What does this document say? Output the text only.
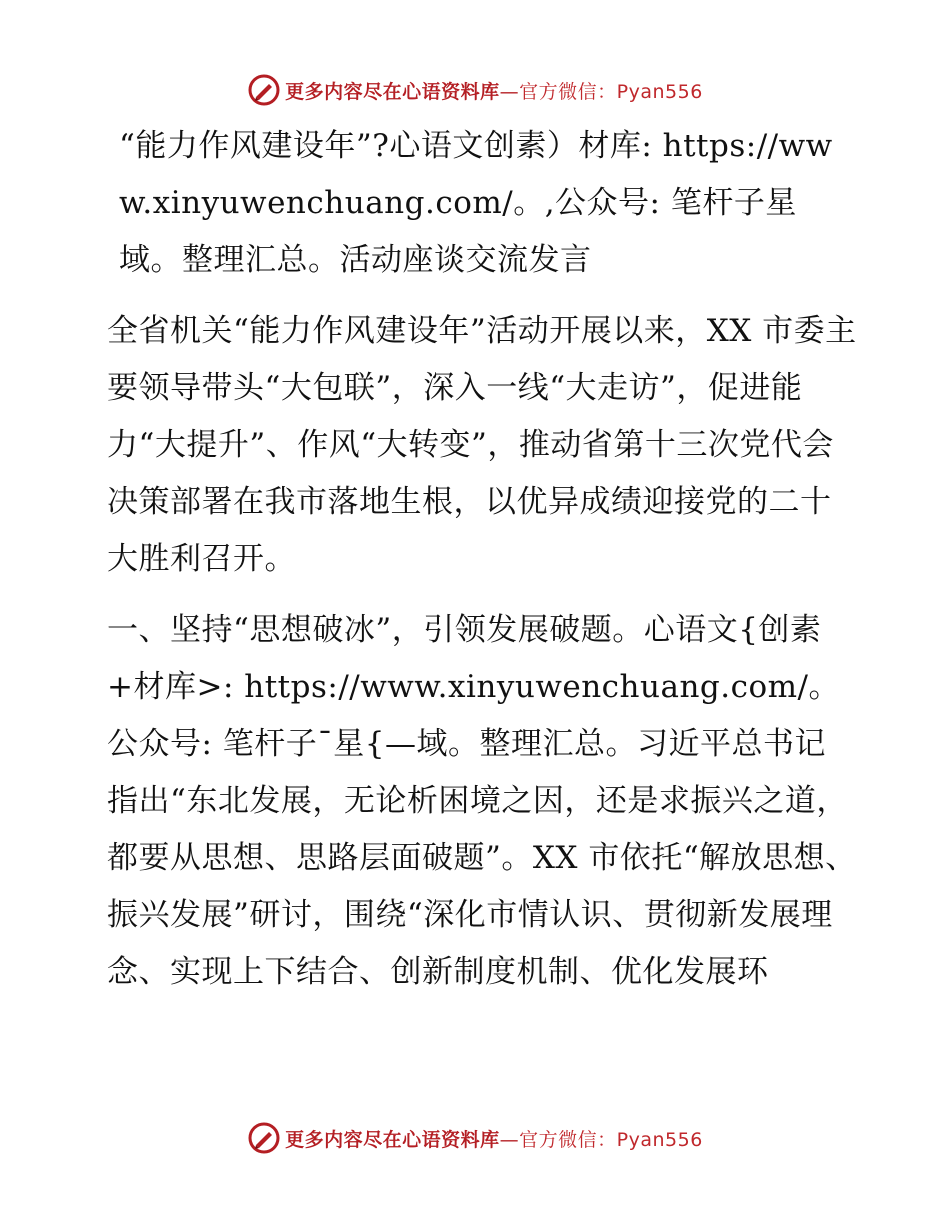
更多内容尽在心语资料库—官方微信：Pyan556

“能力作风建设年”?心语文创素）材库: https://www.xinyuwenchuang.com/。,公众号: 笔杆子星域。整理汇总。活动座谈交流发言

全省机关“能力作风建设年”活动开展以来，XX 市委主要领导带头“大包联”，深入一线“大走访”，促进能力“大提升”、作风“大转变”，推动省第十三次党代会决策部署在我市落地生根，以优异成绩迎接党的二十大胜利召开。

一、坚持“思想破冰”，引领发展破题。心语文{创素+材库>: https://www.xinyuwenchuang.com/。公众号: 笔杆子¯星{—域。整理汇总。习近平总书记指出“东北发展，无论析困境之因，还是求振兴之道，都要从思想、思路层面破题”。XX 市依托“解放思想、振兴发展”研讨，围绕“深化市情认识、贯彻新发展理念、实现上下结合、创新制度机制、优化发展环

更多内容尽在心语资料库—官方微信：Pyan556
